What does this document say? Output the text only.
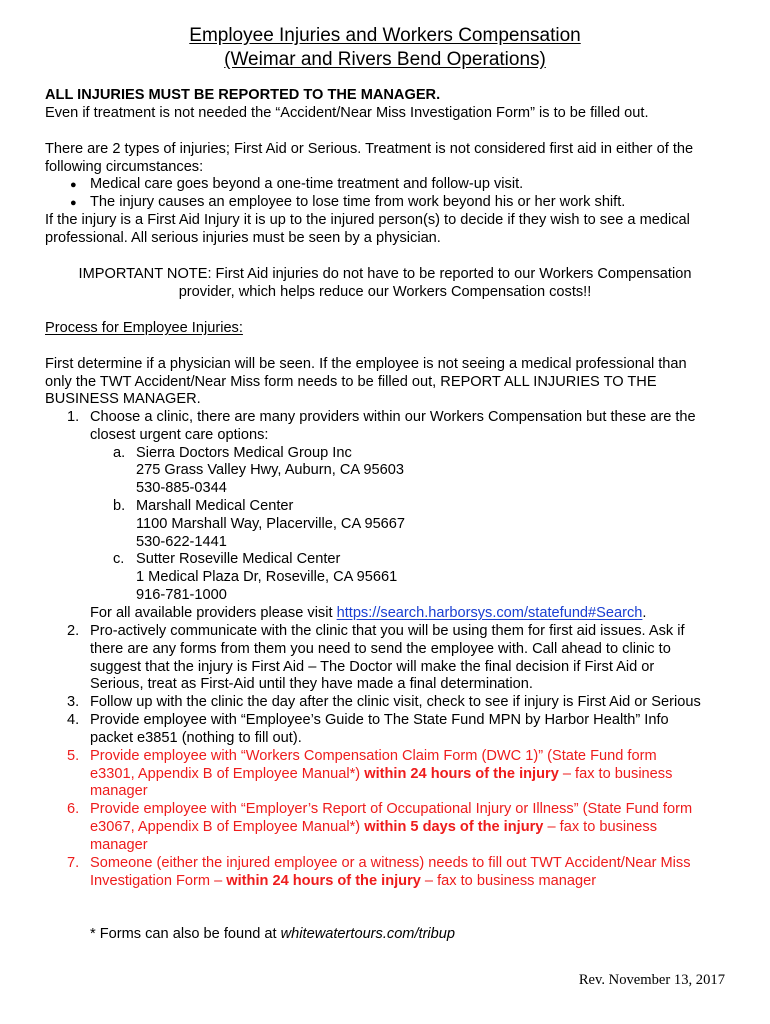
Employee Injuries and Workers Compensation
(Weimar and Rivers Bend Operations)
ALL INJURIES MUST BE REPORTED TO THE MANAGER.
Even if treatment is not needed the “Accident/Near Miss Investigation Form” is to be filled out.
There are 2 types of injuries; First Aid or Serious. Treatment is not considered first aid in either of the
following circumstances:
● Medical care goes beyond a one-time treatment and follow-up visit.
● The injury causes an employee to lose time from work beyond his or her work shift.
If the injury is a First Aid Injury it is up to the injured person(s) to decide if they wish to see a medical
professional. All serious injuries must be seen by a physician.
IMPORTANT NOTE: First Aid injuries do not have to be reported to our Workers Compensation
provider, which helps reduce our Workers Compensation costs!!
Process for Employee Injuries:
First determine if a physician will be seen. If the employee is not seeing a medical professional than
only the TWT Accident/Near Miss form needs to be filled out, REPORT ALL INJURIES TO THE
BUSINESS MANAGER.
1. Choose a clinic, there are many providers within our Workers Compensation but these are the
closest urgent care options:
a. Sierra Doctors Medical Group Inc
275 Grass Valley Hwy, Auburn, CA 95603
530-885-0344
b. Marshall Medical Center
1100 Marshall Way, Placerville, CA 95667
530-622-1441
c. Sutter Roseville Medical Center
1 Medical Plaza Dr, Roseville, CA 95661
916-781-1000
For all available providers please visit https://search.harborsys.com/statefund#Search.
2. Pro-actively communicate with the clinic that you will be using them for first aid issues. Ask if
there are any forms from them you need to send the employee with. Call ahead to clinic to
suggest that the injury is First Aid – The Doctor will make the final decision if First Aid or
Serious, treat as First-Aid until they have made a final determination.
3. Follow up with the clinic the day after the clinic visit, check to see if injury is First Aid or Serious
4. Provide employee with “Employee’s Guide to The State Fund MPN by Harbor Health” Info
packet e3851 (nothing to fill out).
5. Provide employee with “Workers Compensation Claim Form (DWC 1)” (State Fund form
e3301, Appendix B of Employee Manual*) within 24 hours of the injury – fax to business
manager
6. Provide employee with “Employer’s Report of Occupational Injury or Illness” (State Fund form
e3067, Appendix B of Employee Manual*) within 5 days of the injury – fax to business
manager
7. Someone (either the injured employee or a witness) needs to fill out TWT Accident/Near Miss
Investigation Form – within 24 hours of the injury – fax to business manager
* Forms can also be found at whitewatertours.com/tribup
Rev. November 13, 2017
